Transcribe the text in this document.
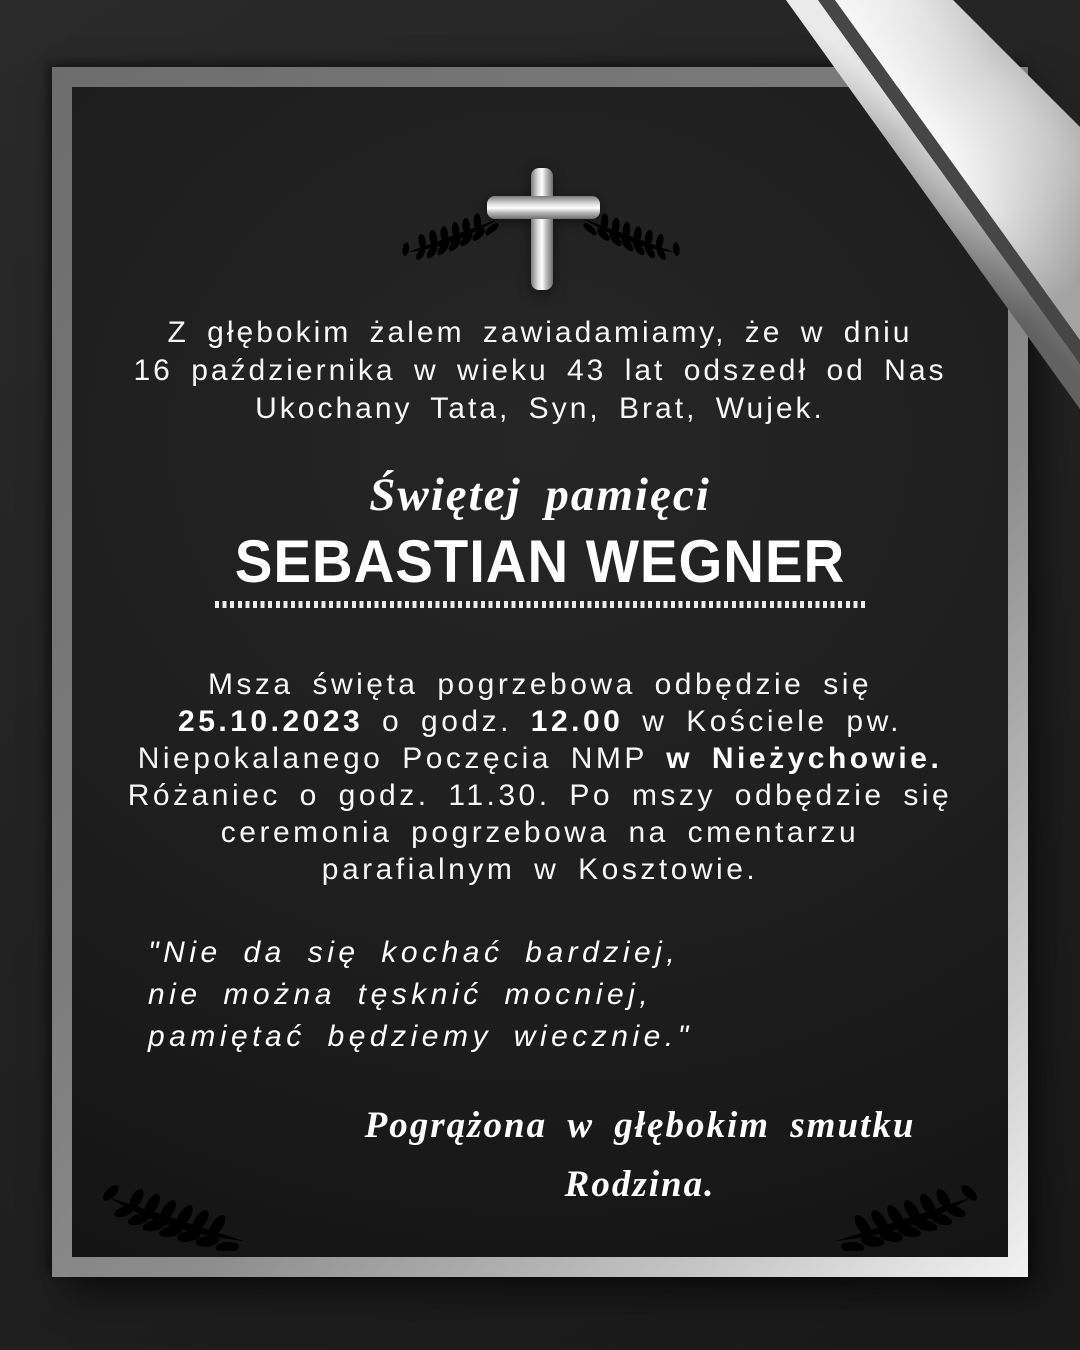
Z głębokim żalem zawiadamiamy, że w dniu
16 października w wieku 43 lat odszedł od Nas
Ukochany Tata, Syn, Brat, Wujek.
Świętej pamięci
SEBASTIAN WEGNER
Msza święta pogrzebowa odbędzie się
25.10.2023 o godz. 12.00 w Kościele pw.
Niepokalanego Poczęcia NMP w Nieżychowie.
Różaniec o godz. 11.30. Po mszy odbędzie się
ceremonia pogrzebowa na cmentarzu
parafialnym w Kosztowie.
"Nie da się kochać bardziej,
nie można tęsknić mocniej,
pamiętać będziemy wiecznie."
Pogrążona w głębokim smutku
Rodzina.
